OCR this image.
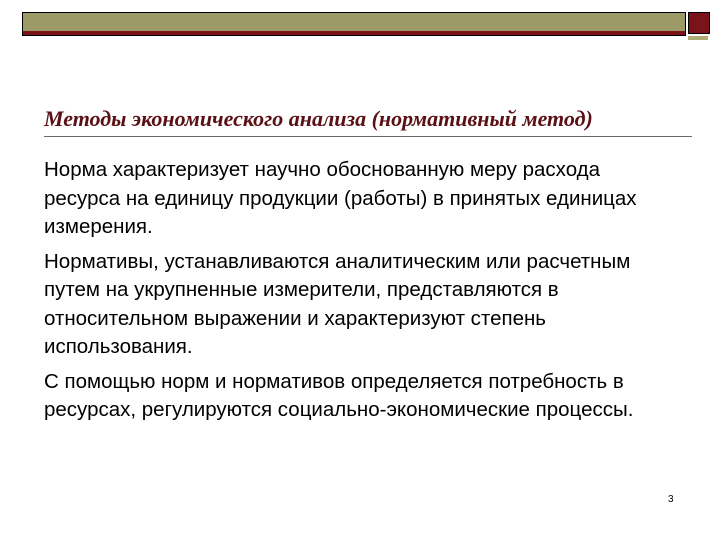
Методы экономического анализа (нормативный метод)

Норма характеризует научно обоснованную меру расхода ресурса на единицу продукции (работы) в принятых единицах измерения.

Нормативы, устанавливаются аналитическим или расчетным путем на укрупненные измерители, представляются в относительном выражении и характеризуют степень использования.

С помощью норм и нормативов определяется потребность в ресурсах, регулируются социально-экономические процессы.

3
